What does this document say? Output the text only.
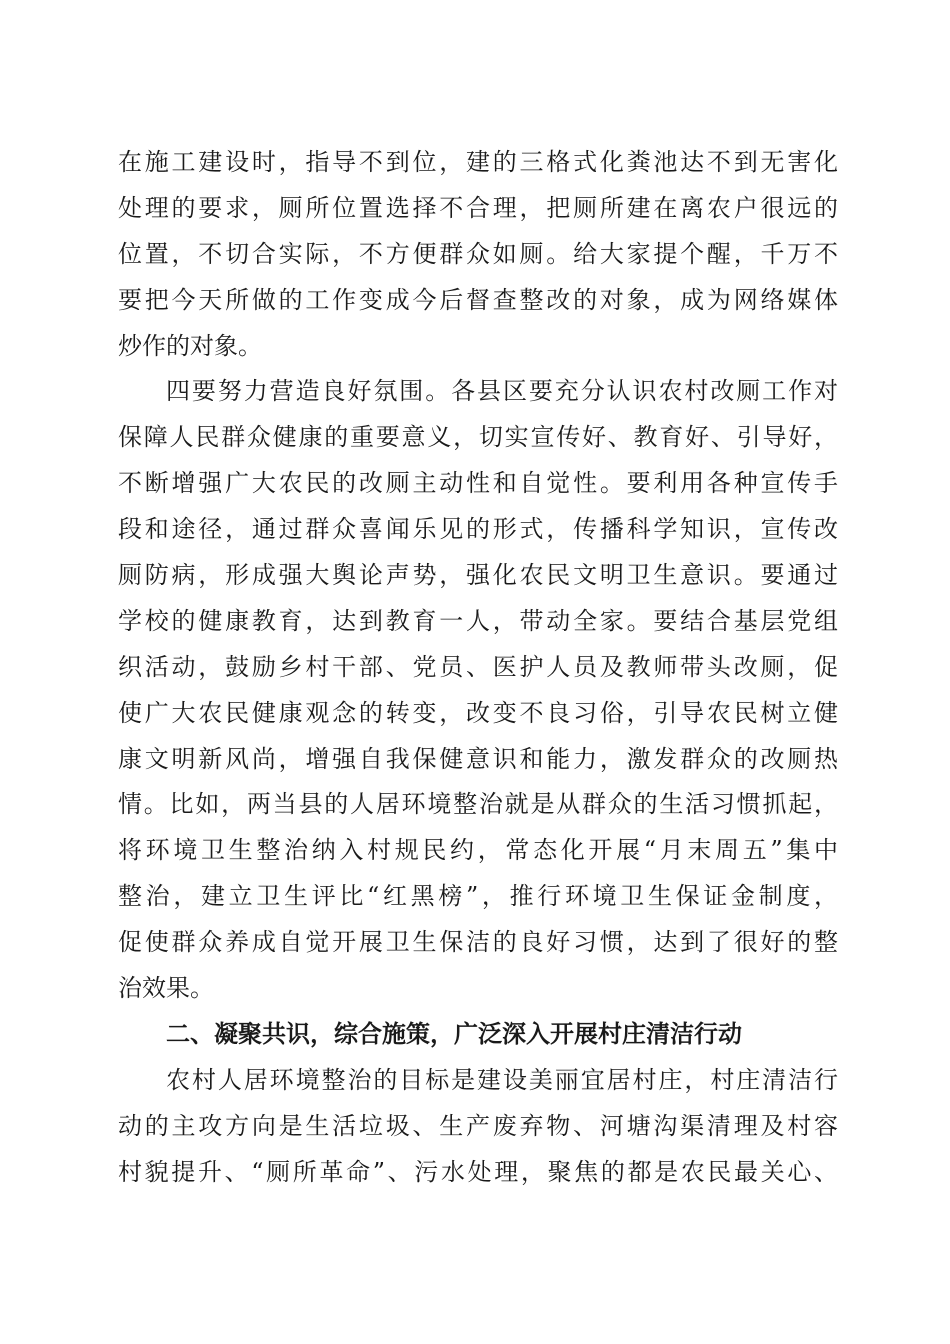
在施工建设时，指导不到位，建的三格式化粪池达不到无害化
处理的要求，厕所位置选择不合理，把厕所建在离农户很远的
位置，不切合实际，不方便群众如厕。给大家提个醒，千万不
要把今天所做的工作变成今后督查整改的对象，成为网络媒体
炒作的对象。
四要努力营造良好氛围。各县区要充分认识农村改厕工作对
保障人民群众健康的重要意义，切实宣传好、教育好、引导好，
不断增强广大农民的改厕主动性和自觉性。要利用各种宣传手
段和途径，通过群众喜闻乐见的形式，传播科学知识，宣传改
厕防病，形成强大舆论声势，强化农民文明卫生意识。要通过
学校的健康教育，达到教育一人，带动全家。要结合基层党组
织活动，鼓励乡村干部、党员、医护人员及教师带头改厕，促
使广大农民健康观念的转变，改变不良习俗，引导农民树立健
康文明新风尚，增强自我保健意识和能力，激发群众的改厕热
情。比如，两当县的人居环境整治就是从群众的生活习惯抓起，
将环境卫生整治纳入村规民约，常态化开展“月末周五”集中
整治，建立卫生评比“红黑榜”，推行环境卫生保证金制度，
促使群众养成自觉开展卫生保洁的良好习惯，达到了很好的整
治效果。
二、凝聚共识，综合施策，广泛深入开展村庄清洁行动
农村人居环境整治的目标是建设美丽宜居村庄，村庄清洁行
动的主攻方向是生活垃圾、生产废弃物、河塘沟渠清理及村容
村貌提升、“厕所革命”、污水处理，聚焦的都是农民最关心、
